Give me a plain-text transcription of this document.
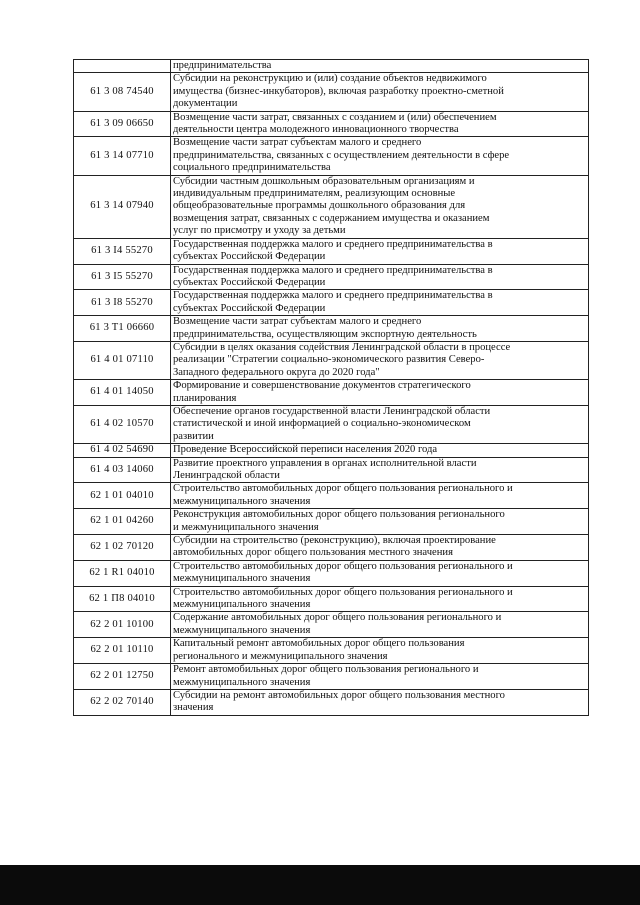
	предпринимательства

61 3 08 74540	Субсидии на реконструкцию и (или) создание объектов недвижимого
имущества (бизнес-инкубаторов), включая разработку проектно-сметной
документации

61 3 09 06650	Возмещение части затрат, связанных с созданием и (или) обеспечением
деятельности центра молодежного инновационного творчества

61 3 14 07710	Возмещение части затрат субъектам малого и среднего
предпринимательства, связанных с осуществлением деятельности в сфере
социального предпринимательства

61 3 14 07940	Субсидии частным дошкольным образовательным организациям и
индивидуальным предпринимателям, реализующим основные
общеобразовательные программы дошкольного образования для
возмещения затрат, связанных с содержанием имущества и оказанием
услуг по присмотру и уходу за детьми

61 3 I4 55270	Государственная поддержка малого и среднего предпринимательства в
субъектах Российской Федерации

61 3 I5 55270	Государственная поддержка малого и среднего предпринимательства в
субъектах Российской Федерации

61 3 I8 55270	Государственная поддержка малого и среднего предпринимательства в
субъектах Российской Федерации

61 3 T1 06660	Возмещение части затрат субъектам малого и среднего
предпринимательства, осуществляющим экспортную деятельность

61 4 01 07110	Субсидии в целях оказания содействия Ленинградской области в процессе
реализации "Стратегии социально-экономического развития Северо-
Западного федерального округа до 2020 года"

61 4 01 14050	Формирование и совершенствование документов стратегического
планирования

61 4 02 10570	Обеспечение органов государственной власти Ленинградской области
статистической и иной информацией о социально-экономическом
развитии

61 4 02 54690	Проведение Всероссийской переписи населения 2020 года

61 4 03 14060	Развитие проектного управления в органах исполнительной власти
Ленинградской области

62 1 01 04010	Строительство автомобильных дорог общего пользования регионального и
межмуниципального значения

62 1 01 04260	Реконструкция автомобильных дорог общего пользования регионального
и межмуниципального значения

62 1 02 70120	Субсидии на строительство (реконструкцию), включая проектирование
автомобильных дорог общего пользования местного значения

62 1 R1 04010	Строительство автомобильных дорог общего пользования регионального и
межмуниципального значения

62 1 П8 04010	Строительство автомобильных дорог общего пользования регионального и
межмуниципального значения

62 2 01 10100	Содержание автомобильных дорог общего пользования регионального и
межмуниципального значения

62 2 01 10110	Капитальный ремонт автомобильных дорог общего пользования
регионального и межмуниципального значения

62 2 01 12750	Ремонт автомобильных дорог общего пользования регионального и
межмуниципального значения

62 2 02 70140	Субсидии на ремонт автомобильных дорог общего пользования местного
значения
